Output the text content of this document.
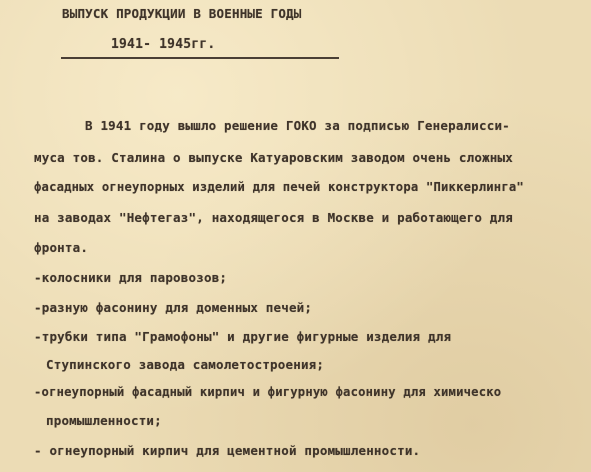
ВЫПУСК ПРОДУКЦИИ В ВОЕННЫЕ ГОДЫ
1941- 1945гг.
В 1941 году вышло решение ГОКО за подписью Генералисси-
муса тов. Сталина о выпуске Катуаровским заводом очень сложных
фасадных огнеупорных изделий для печей конструктора "Пиккерлинга"
на заводах "Нефтегаз", находящегося в Москве и работающего для
фронта.
-колосники для паровозов;
-разную фасонину для доменных печей;
-трубки типа "Грамофоны" и другие фигурные изделия для
Ступинского завода самолетостроения;
-огнеупорный фасадный кирпич и фигурную фасонину для химическо
промышленности;
- огнеупорный кирпич для цементной промышленности.
